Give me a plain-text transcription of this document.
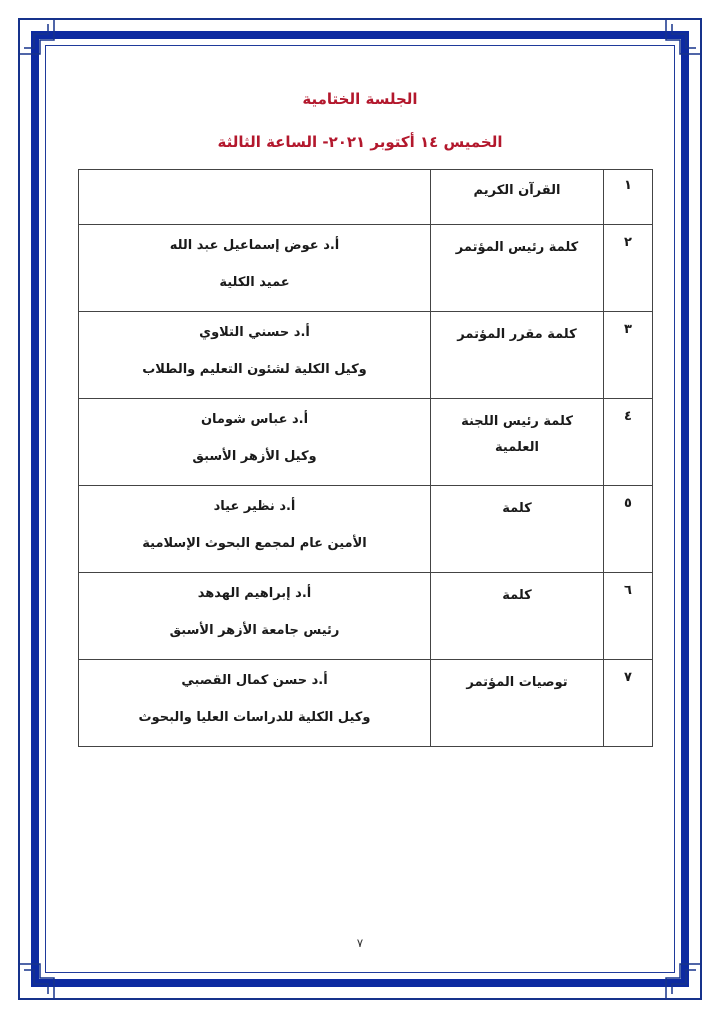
الجلسة الختامية
الخميس ١٤ أكتوبر ٢٠٢١- الساعة الثالثة
١	القرآن الكريم	
٢	كلمة رئيس المؤتمر	أ.د عوض إسماعيل عبد الله
عميد الكلية

٣	كلمة مقرر المؤتمر	أ.د حسني التلاوي
وكيل الكلية لشئون التعليم والطلاب

٤	كلمة رئيس اللجنة العلمية	أ.د عباس شومان
وكيل الأزهر الأسبق

٥	كلمة	أ.د نظير عياد
الأمين عام لمجمع البحوث الإسلامية

٦	كلمة	أ.د إبراهيم الهدهد
رئيس جامعة الأزهر الأسبق

٧	توصيات المؤتمر	أ.د حسن كمال القصبي
وكيل الكلية للدراسات العليا والبحوث
٧
